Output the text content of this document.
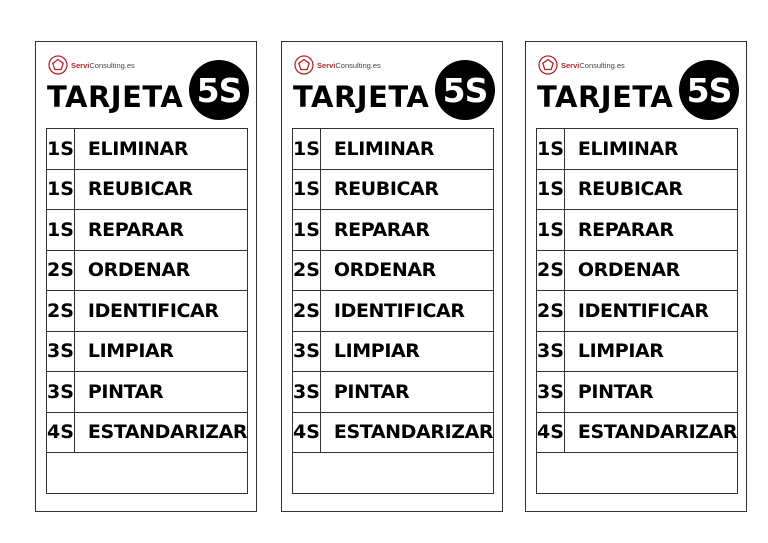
ServiConsulting.es
TARJETA 5S
1S	ELIMINAR
1S	REUBICAR
1S	REPARAR
2S	ORDENAR
2S	IDENTIFICAR
3S	LIMPIAR
3S	PINTAR
4S	ESTANDARIZAR

ServiConsulting.es
TARJETA 5S
1S	ELIMINAR
1S	REUBICAR
1S	REPARAR
2S	ORDENAR
2S	IDENTIFICAR
3S	LIMPIAR
3S	PINTAR
4S	ESTANDARIZAR

ServiConsulting.es
TARJETA 5S
1S	ELIMINAR
1S	REUBICAR
1S	REPARAR
2S	ORDENAR
2S	IDENTIFICAR
3S	LIMPIAR
3S	PINTAR
4S	ESTANDARIZAR
